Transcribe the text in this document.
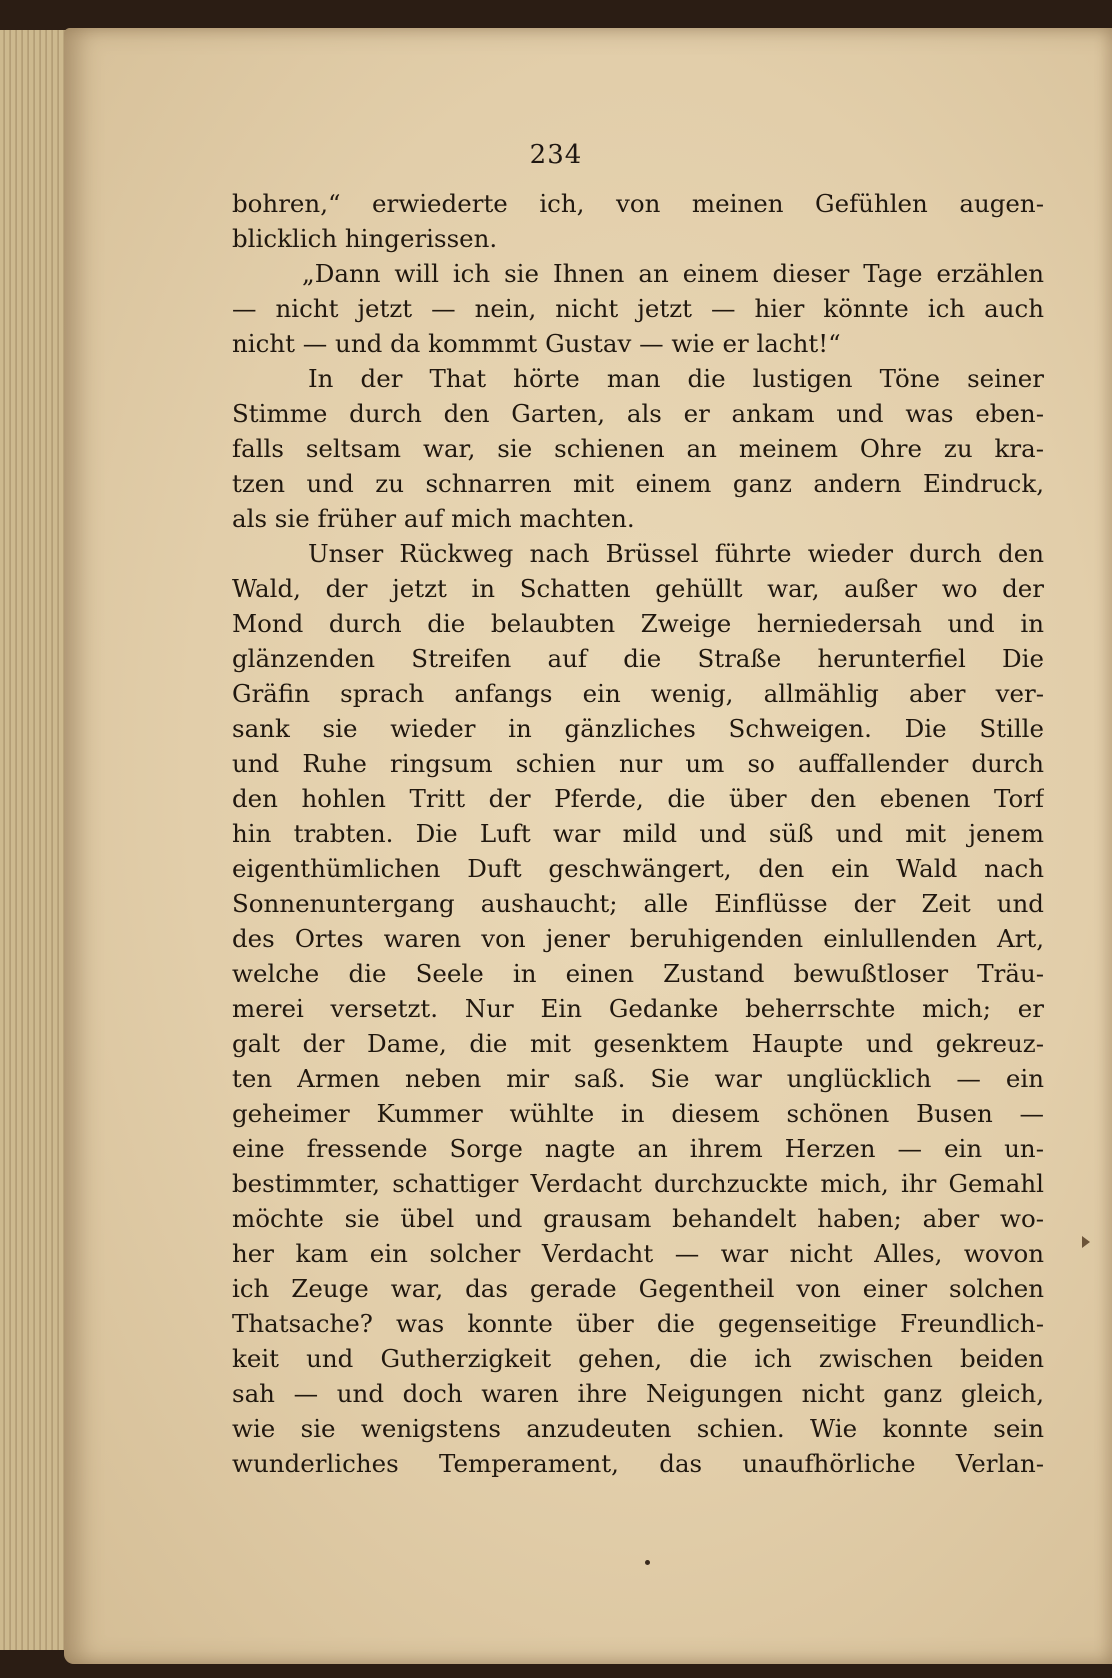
234
bohren,“ erwiederte ich, von meinen Gefühlen augen-
blicklich hingerissen.
„Dann will ich sie Ihnen an einem dieser Tage erzählen
— nicht jetzt — nein, nicht jetzt — hier könnte ich auch
nicht — und da kommmt Gustav — wie er lacht!“
In der That hörte man die lustigen Töne seiner
Stimme durch den Garten, als er ankam und was eben-
falls seltsam war, sie schienen an meinem Ohre zu kra-
tzen und zu schnarren mit einem ganz andern Eindruck,
als sie früher auf mich machten.
Unser Rückweg nach Brüssel führte wieder durch den
Wald, der jetzt in Schatten gehüllt war, außer wo der
Mond durch die belaubten Zweige herniedersah und in
glänzenden Streifen auf die Straße herunterfiel Die
Gräfin sprach anfangs ein wenig, allmählig aber ver-
sank sie wieder in gänzliches Schweigen. Die Stille
und Ruhe ringsum schien nur um so auffallender durch
den hohlen Tritt der Pferde, die über den ebenen Torf
hin trabten. Die Luft war mild und süß und mit jenem
eigenthümlichen Duft geschwängert, den ein Wald nach
Sonnenuntergang aushaucht; alle Einflüsse der Zeit und
des Ortes waren von jener beruhigenden einlullenden Art,
welche die Seele in einen Zustand bewußtloser Träu-
merei versetzt. Nur Ein Gedanke beherrschte mich; er
galt der Dame, die mit gesenktem Haupte und gekreuz-
ten Armen neben mir saß. Sie war unglücklich — ein
geheimer Kummer wühlte in diesem schönen Busen —
eine fressende Sorge nagte an ihrem Herzen — ein un-
bestimmter, schattiger Verdacht durchzuckte mich, ihr Gemahl
möchte sie übel und grausam behandelt haben; aber wo-
her kam ein solcher Verdacht — war nicht Alles, wovon
ich Zeuge war, das gerade Gegentheil von einer solchen
Thatsache? was konnte über die gegenseitige Freundlich-
keit und Gutherzigkeit gehen, die ich zwischen beiden
sah — und doch waren ihre Neigungen nicht ganz gleich,
wie sie wenigstens anzudeuten schien. Wie konnte sein
wunderliches Temperament, das unaufhörliche Verlan-
